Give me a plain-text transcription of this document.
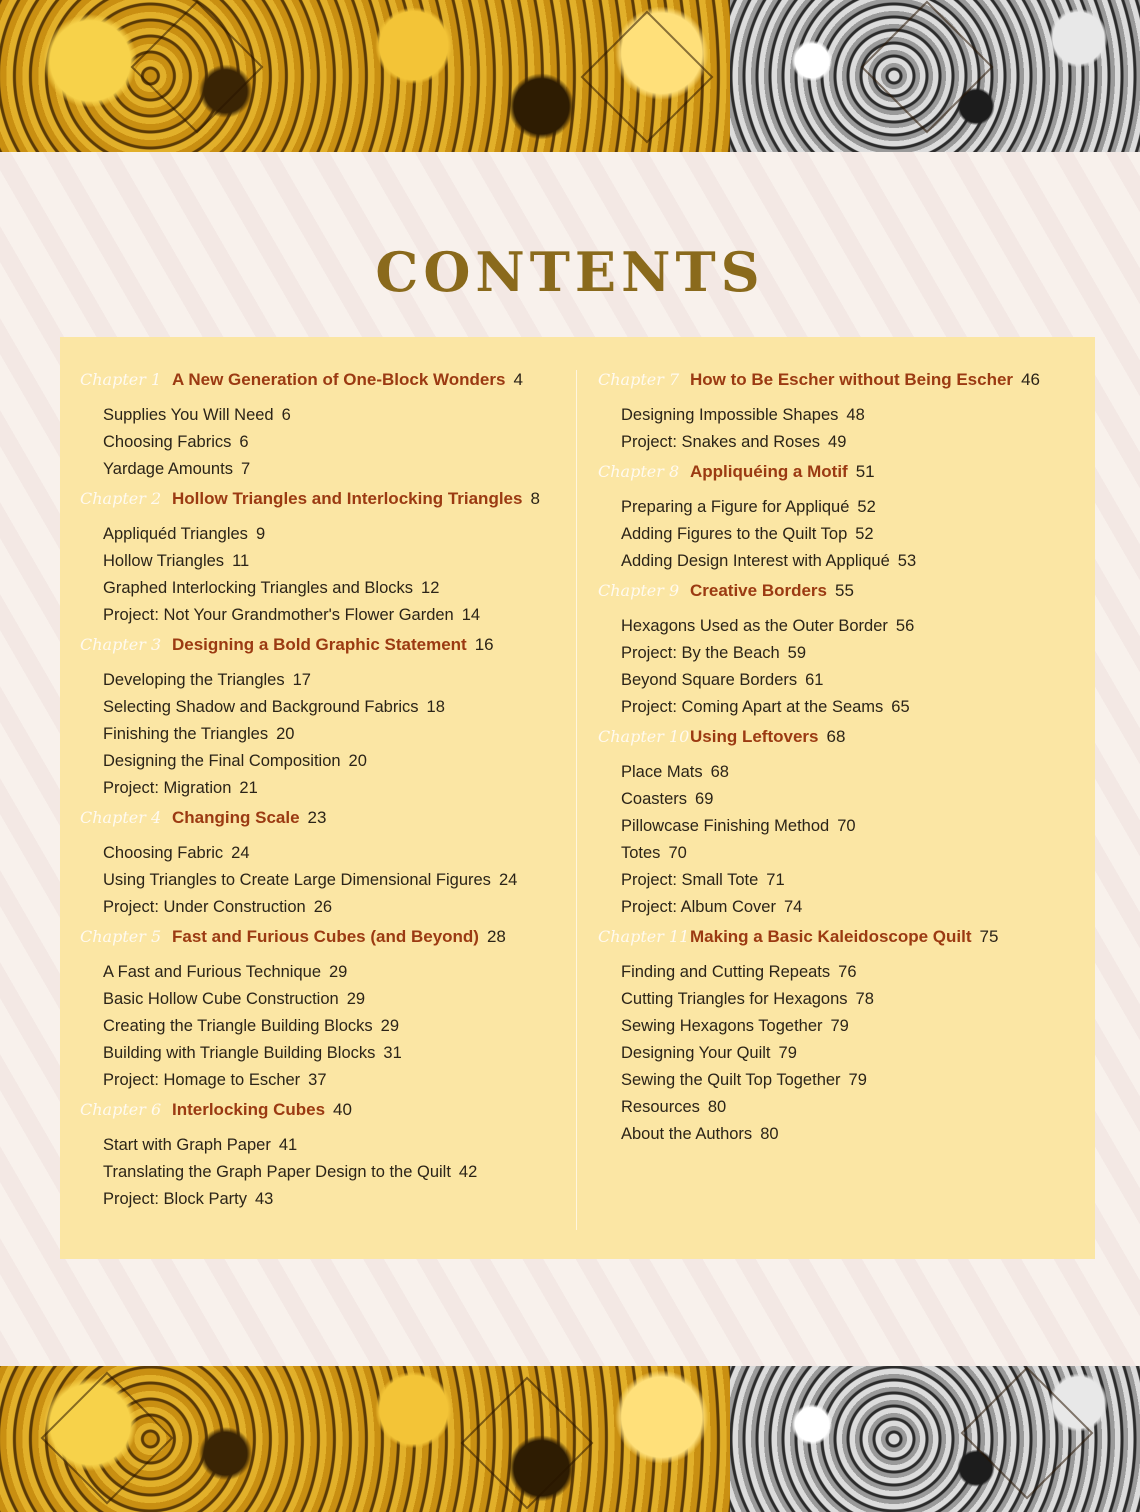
CONTENTS
Chapter 1 A New Generation of One-Block Wonders 4
Supplies You Will Need 6
Choosing Fabrics 6
Yardage Amounts 7
Chapter 2 Hollow Triangles and Interlocking Triangles 8
Appliquéd Triangles 9
Hollow Triangles 11
Graphed Interlocking Triangles and Blocks 12
Project: Not Your Grandmother's Flower Garden 14
Chapter 3 Designing a Bold Graphic Statement 16
Developing the Triangles 17
Selecting Shadow and Background Fabrics 18
Finishing the Triangles 20
Designing the Final Composition 20
Project: Migration 21
Chapter 4 Changing Scale 23
Choosing Fabric 24
Using Triangles to Create Large Dimensional Figures 24
Project: Under Construction 26
Chapter 5 Fast and Furious Cubes (and Beyond) 28
A Fast and Furious Technique 29
Basic Hollow Cube Construction 29
Creating the Triangle Building Blocks 29
Building with Triangle Building Blocks 31
Project: Homage to Escher 37
Chapter 6 Interlocking Cubes 40
Start with Graph Paper 41
Translating the Graph Paper Design to the Quilt 42
Project: Block Party 43
Chapter 7 How to Be Escher without Being Escher 46
Designing Impossible Shapes 48
Project: Snakes and Roses 49
Chapter 8 Appliquéing a Motif 51
Preparing a Figure for Appliqué 52
Adding Figures to the Quilt Top 52
Adding Design Interest with Appliqué 53
Chapter 9 Creative Borders 55
Hexagons Used as the Outer Border 56
Project: By the Beach 59
Beyond Square Borders 61
Project: Coming Apart at the Seams 65
Chapter 10 Using Leftovers 68
Place Mats 68
Coasters 69
Pillowcase Finishing Method 70
Totes 70
Project: Small Tote 71
Project: Album Cover 74
Chapter 11 Making a Basic Kaleidoscope Quilt 75
Finding and Cutting Repeats 76
Cutting Triangles for Hexagons 78
Sewing Hexagons Together 79
Designing Your Quilt 79
Sewing the Quilt Top Together 79
Resources 80
About the Authors 80
